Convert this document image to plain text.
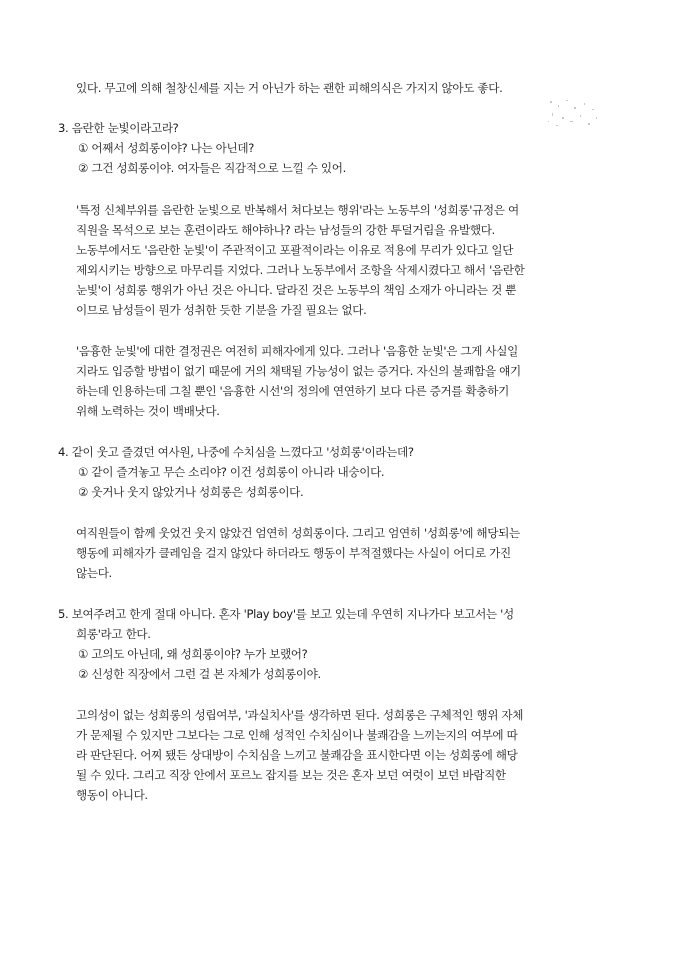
있다. 무고에 의해 철창신세를 지는 거 아닌가 하는 괜한 피해의식은 가지지 않아도 좋다.
3. 음란한 눈빛이라고라?
① 어째서 성희롱이야? 나는 아닌데?
② 그건 성희롱이야. 여자들은 직감적으로 느낄 수 있어.
'특정 신체부위를 음란한 눈빛으로 반복해서 쳐다보는 행위'라는 노동부의 '성희롱'규정은 여
직원을 목석으로 보는 훈련이라도 해야하나? 라는 남성들의 강한 투덜거림을 유발했다.
노동부에서도 '음란한 눈빛'이 주관적이고 포괄적이라는 이유로 적용에 무리가 있다고 일단
제외시키는 방향으로 마무리를 지었다. 그러나 노동부에서 조항을 삭제시켰다고 해서 '음란한
눈빛'이 성희롱 행위가 아닌 것은 아니다. 달라진 것은 노동부의 책임 소재가 아니라는 것 뿐
이므로 남성들이 뭔가 성취한 듯한 기분을 가질 필요는 없다.
'음흉한 눈빛'에 대한 결정권은 여전히 피해자에게 있다. 그러나 '음흉한 눈빛'은 그게 사실일
지라도 입증할 방법이 없기 때문에 거의 채택될 가능성이 없는 증거다. 자신의 불쾌함을 얘기
하는데 인용하는데 그칠 뿐인 '음흉한 시선'의 정의에 연연하기 보다 다른 증거를 확충하기
위해 노력하는 것이 백배낫다.
4. 같이 웃고 즐겼던 여사원, 나중에 수치심을 느꼈다고 '성희롱'이라는데?
① 같이 즐겨놓고 무슨 소리야? 이건 성희롱이 아니라 내숭이다.
② 웃거나 웃지 않았거나 성희롱은 성희롱이다.
여직원들이 함께 웃었건 웃지 않았건 엄연히 성희롱이다. 그리고 엄연히 '성희롱'에 해당되는
행동에 피해자가 클레임을 걸지 않았다 하더라도 행동이 부적절했다는 사실이 어디로 가진
않는다.
5. 보여주려고 한게 절대 아니다. 혼자 'Play boy'를 보고 있는데 우연히 지나가다 보고서는 '성
희롱'라고 한다.
① 고의도 아닌데, 왜 성희롱이야? 누가 보랬어?
② 신성한 직장에서 그런 걸 본 자체가 성희롱이야.
고의성이 없는 성희롱의 성립여부, '과실치사'를 생각하면 된다. 성희롱은 구체적인 행위 자체
가 문제될 수 있지만 그보다는 그로 인해 성적인 수치심이나 불쾌감을 느끼는지의 여부에 따
라 판단된다. 어찌 됐든 상대방이 수치심을 느끼고 불쾌감을 표시한다면 이는 성희롱에 해당
될 수 있다. 그리고 직장 안에서 포르노 잡지를 보는 것은 혼자 보던 여럿이 보던 바람직한
행동이 아니다.
